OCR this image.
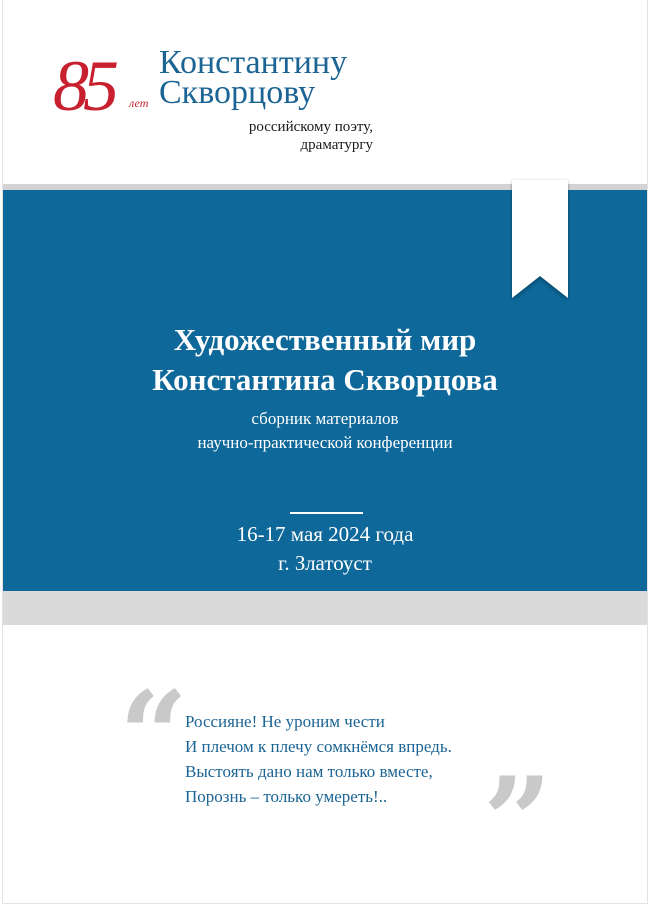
85 лет
Константину
Скворцову
российскому поэту,
драматургу
Художественный мир
Константина Скворцова
сборник материалов
научно-практической конференции
16-17 мая 2024 года
г. Златоуст
“
”
Россияне! Не уроним чести
И плечом к плечу сомкнёмся впредь.
Выстоять дано нам только вместе,
Порознь – только умереть!..
